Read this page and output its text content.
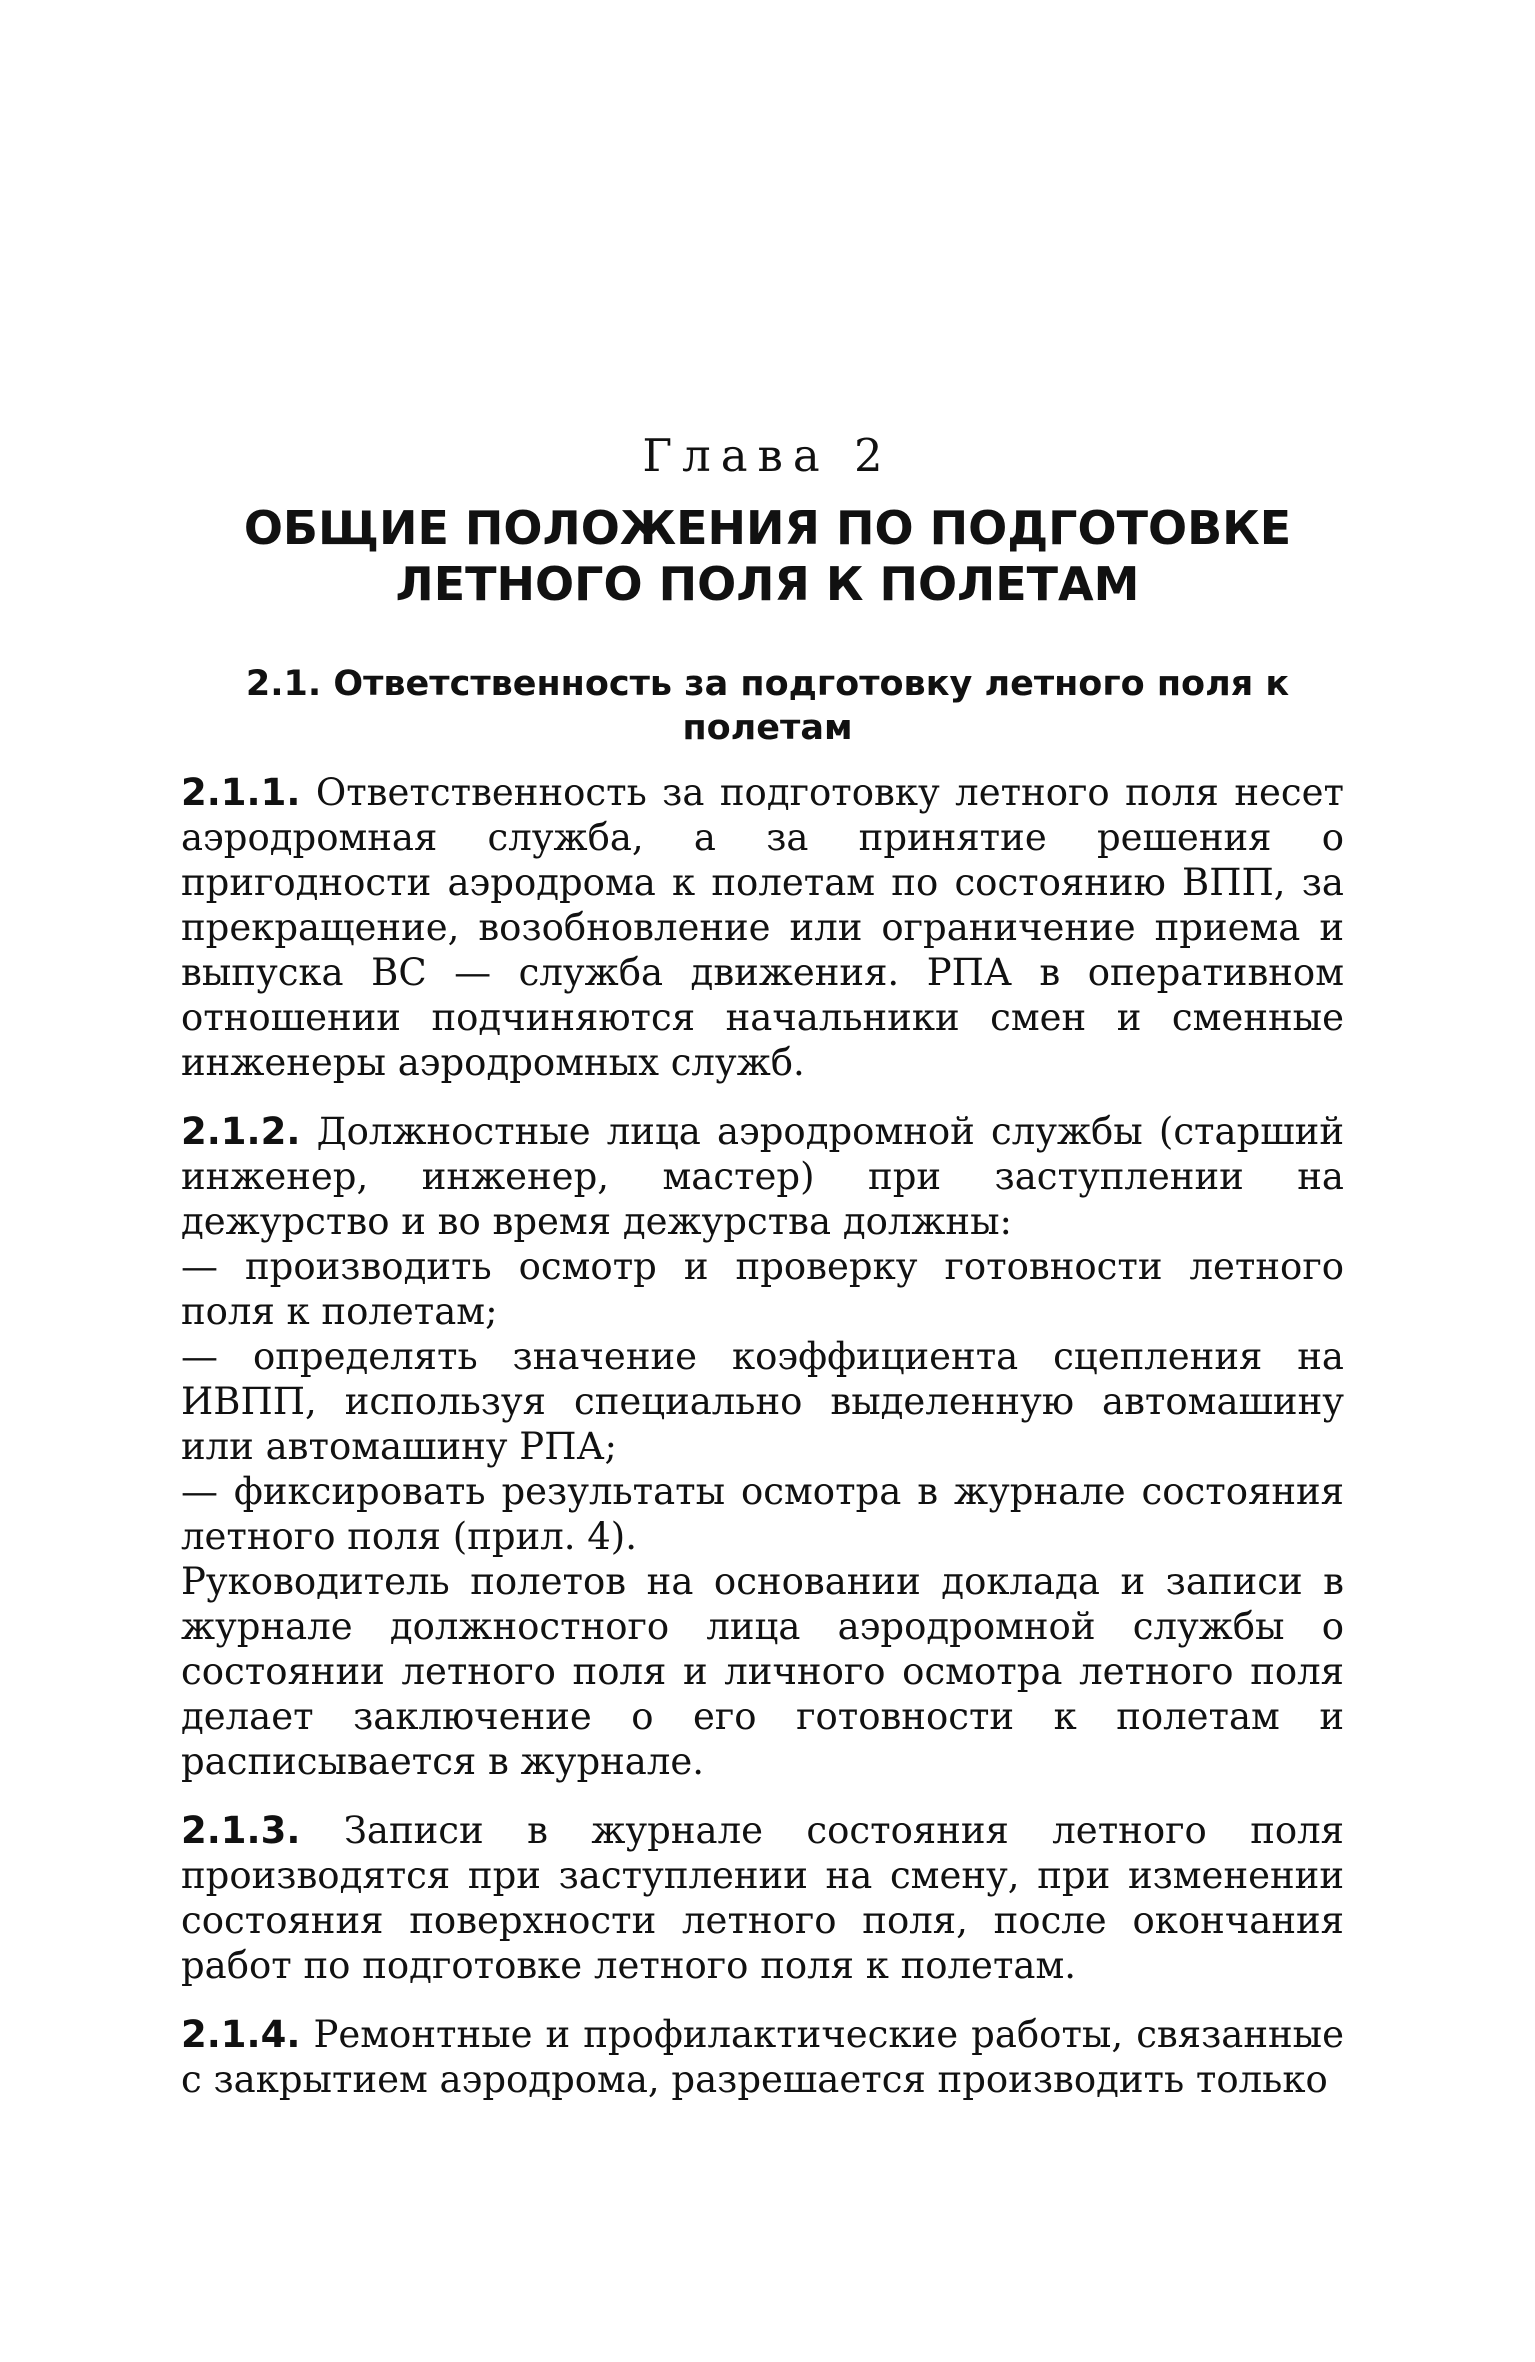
Глава 2
ОБЩИЕ ПОЛОЖЕНИЯ ПО ПОДГОТОВКЕ ЛЕТНОГО ПОЛЯ К ПОЛЕТАМ
2.1. Ответственность за подготовку летного поля к полетам

2.1.1. Ответственность за подготовку летного поля несет аэродромная служба, а за принятие решения о пригодности аэродрома к полетам по состоянию ВПП, за прекращение, возобновление или ограничение приема и выпуска ВС — служба движения. РПА в оперативном отношении подчиняются начальники смен и сменные инженеры аэродромных служб.

2.1.2. Должностные лица аэродромной службы (старший инженер, инженер, мастер) при заступлении на дежурство и во время дежурства должны:

— производить осмотр и проверку готовности летного поля к полетам;

— определять значение коэффициента сцепления на ИВПП, используя специально выделенную автомашину или автомашину РПА;

— фиксировать результаты осмотра в журнале состояния летного поля (прил. 4).

Руководитель полетов на основании доклада и записи в журнале должностного лица аэродромной службы о состоянии летного поля и личного осмотра летного поля делает заключение о его готовности к полетам и расписывается в журнале.

2.1.3. Записи в журнале состояния летного поля производятся при заступлении на смену, при изменении состояния поверхности летного поля, после окончания работ по подготовке летного поля к полетам.

2.1.4. Ремонтные и профилактические работы, связанные с закрытием аэродрома, разрешается производить только
